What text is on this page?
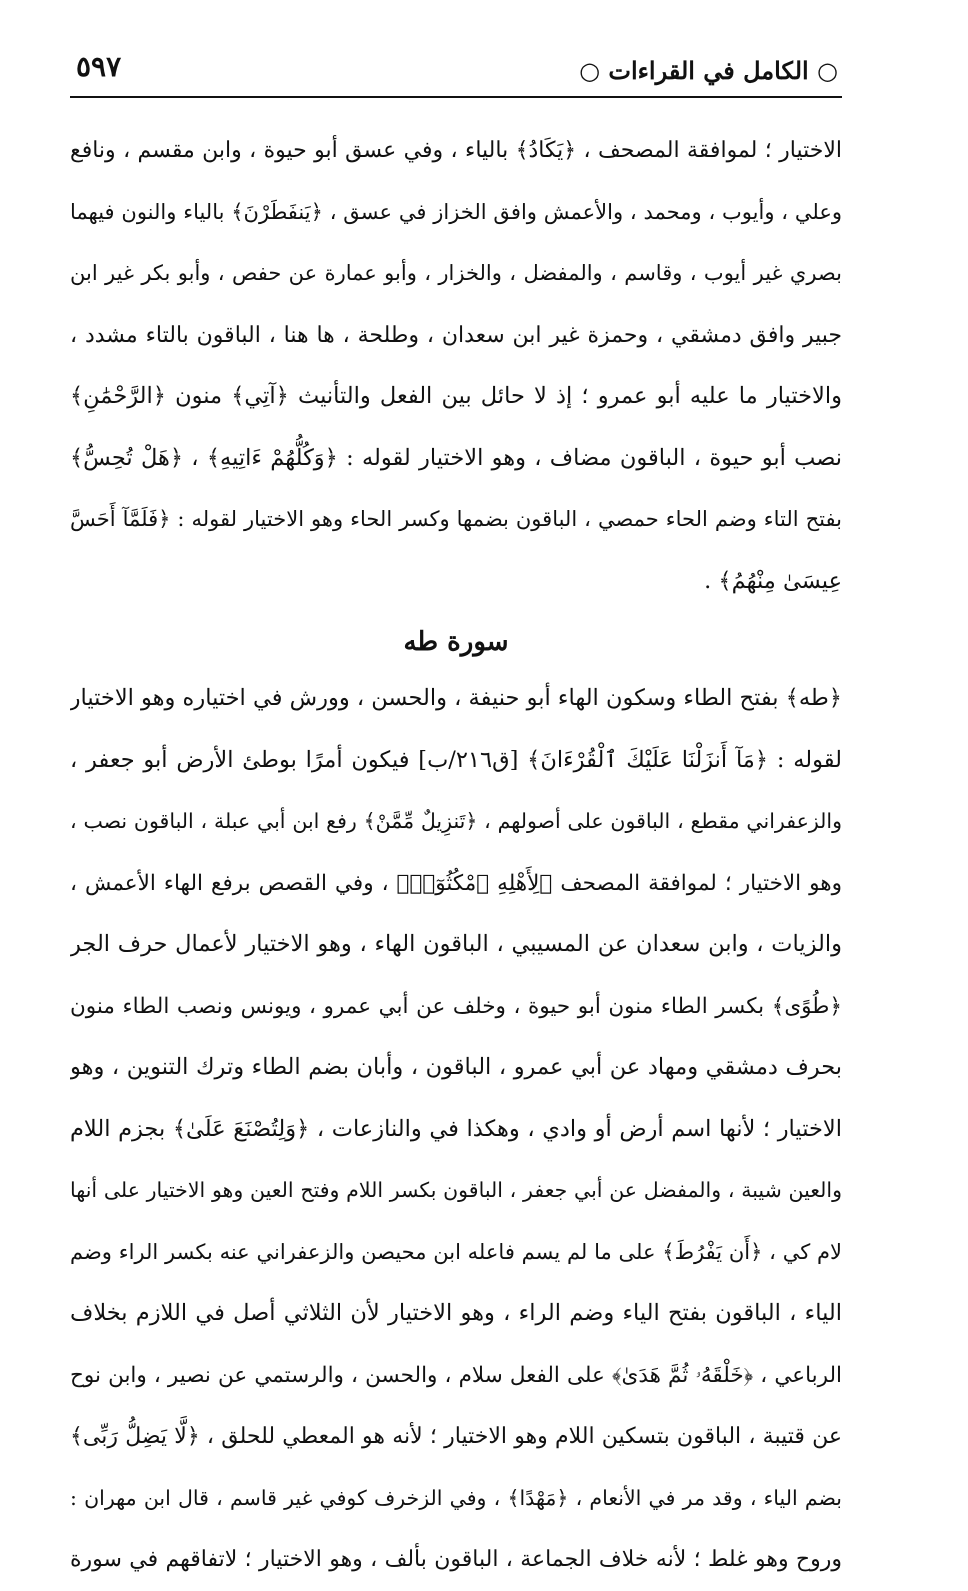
○ الكامل في القراءات ○
٥٩٧
الاختيار ؛ لموافقة المصحف ، ﴿يَكَادُ﴾ بالياء ، وفي عسق أبو حيوة ، وابن مقسم ، ونافع
وعلي ، وأيوب ، ومحمد ، والأعمش وافق الخزاز في عسق ، ﴿يَنفَطَرْنَ﴾ بالياء والنون فيهما
بصري غير أيوب ، وقاسم ، والمفضل ، والخزار ، وأبو عمارة عن حفص ، وأبو بكر غير ابن
جبير وافق دمشقي ، وحمزة غير ابن سعدان ، وطلحة ، ها هنا ، الباقون بالتاء مشدد ،
والاختيار ما عليه أبو عمرو ؛ إذ لا حائل بين الفعل والتأنيث ﴿آتِي﴾ منون ﴿الرَّحْمَٰنِ﴾
نصب أبو حيوة ، الباقون مضاف ، وهو الاختيار لقوله : ﴿وَكُلُّهُمْ ءَاتِيهِ﴾ ، ﴿هَلْ تُحِسُّ﴾
بفتح التاء وضم الحاء حمصي ، الباقون بضمها وكسر الحاء وهو الاختيار لقوله : ﴿فَلَمَّآ أَحَسَّ
عِيسَىٰ مِنْهُمُ﴾ .
سورة طه
﴿طه﴾ بفتح الطاء وسكون الهاء أبو حنيفة ، والحسن ، وورش في اختياره وهو الاختيار
لقوله : ﴿مَآ أَنزَلْنَا عَلَيْكَ ٱلْقُرْءَانَ﴾ [ق٢١٦/ب] فيكون أمرًا بوطئ الأرض أبو جعفر ،
والزعفراني مقطع ، الباقون على أصولهم ، ﴿تَنزِيلٌ مِّمَّنْ﴾ رفع ابن أبي عبلة ، الباقون نصب ،
وهو الاختيار ؛ لموافقة المصحف ﴿لِأَهْلِهِ ٱمْكُثُوٓا۟﴾ ، وفي القصص برفع الهاء الأعمش ،
والزيات ، وابن سعدان عن المسيبي ، الباقون الهاء ، وهو الاختيار لأعمال حرف الجر
﴿طُوًى﴾ بكسر الطاء منون أبو حيوة ، وخلف عن أبي عمرو ، ويونس ونصب الطاء منون
بحرف دمشقي ومهاد عن أبي عمرو ، الباقون ، وأبان بضم الطاء وترك التنوين ، وهو
الاختيار ؛ لأنها اسم أرض أو وادي ، وهكذا في والنازعات ، ﴿وَلِتُصْنَعَ عَلَىٰ﴾ بجزم اللام
والعين شيبة ، والمفضل عن أبي جعفر ، الباقون بكسر اللام وفتح العين وهو الاختيار على أنها
لام كي ، ﴿أَن يَفْرُطَ﴾ على ما لم يسم فاعله ابن محيصن والزعفراني عنه بكسر الراء وضم
الياء ، الباقون بفتح الياء وضم الراء ، وهو الاختيار لأن الثلاثي أصل في اللازم بخلاف
الرباعي ، ﴿خَلْقَهُۥ ثُمَّ هَدَىٰ﴾ على الفعل سلام ، والحسن ، والرستمي عن نصير ، وابن نوح
عن قتيبة ، الباقون بتسكين اللام وهو الاختيار ؛ لأنه هو المعطي للحلق ، ﴿لَّا يَضِلُّ رَبِّى﴾
بضم الياء ، وقد مر في الأنعام ، ﴿مَهْدًا﴾ ، وفي الزخرف كوفي غير قاسم ، قال ابن مهران :
وروح وهو غلط ؛ لأنه خلاف الجماعة ، الباقون بألف ، وهو الاختيار ؛ لاتفاقهم في سورة
